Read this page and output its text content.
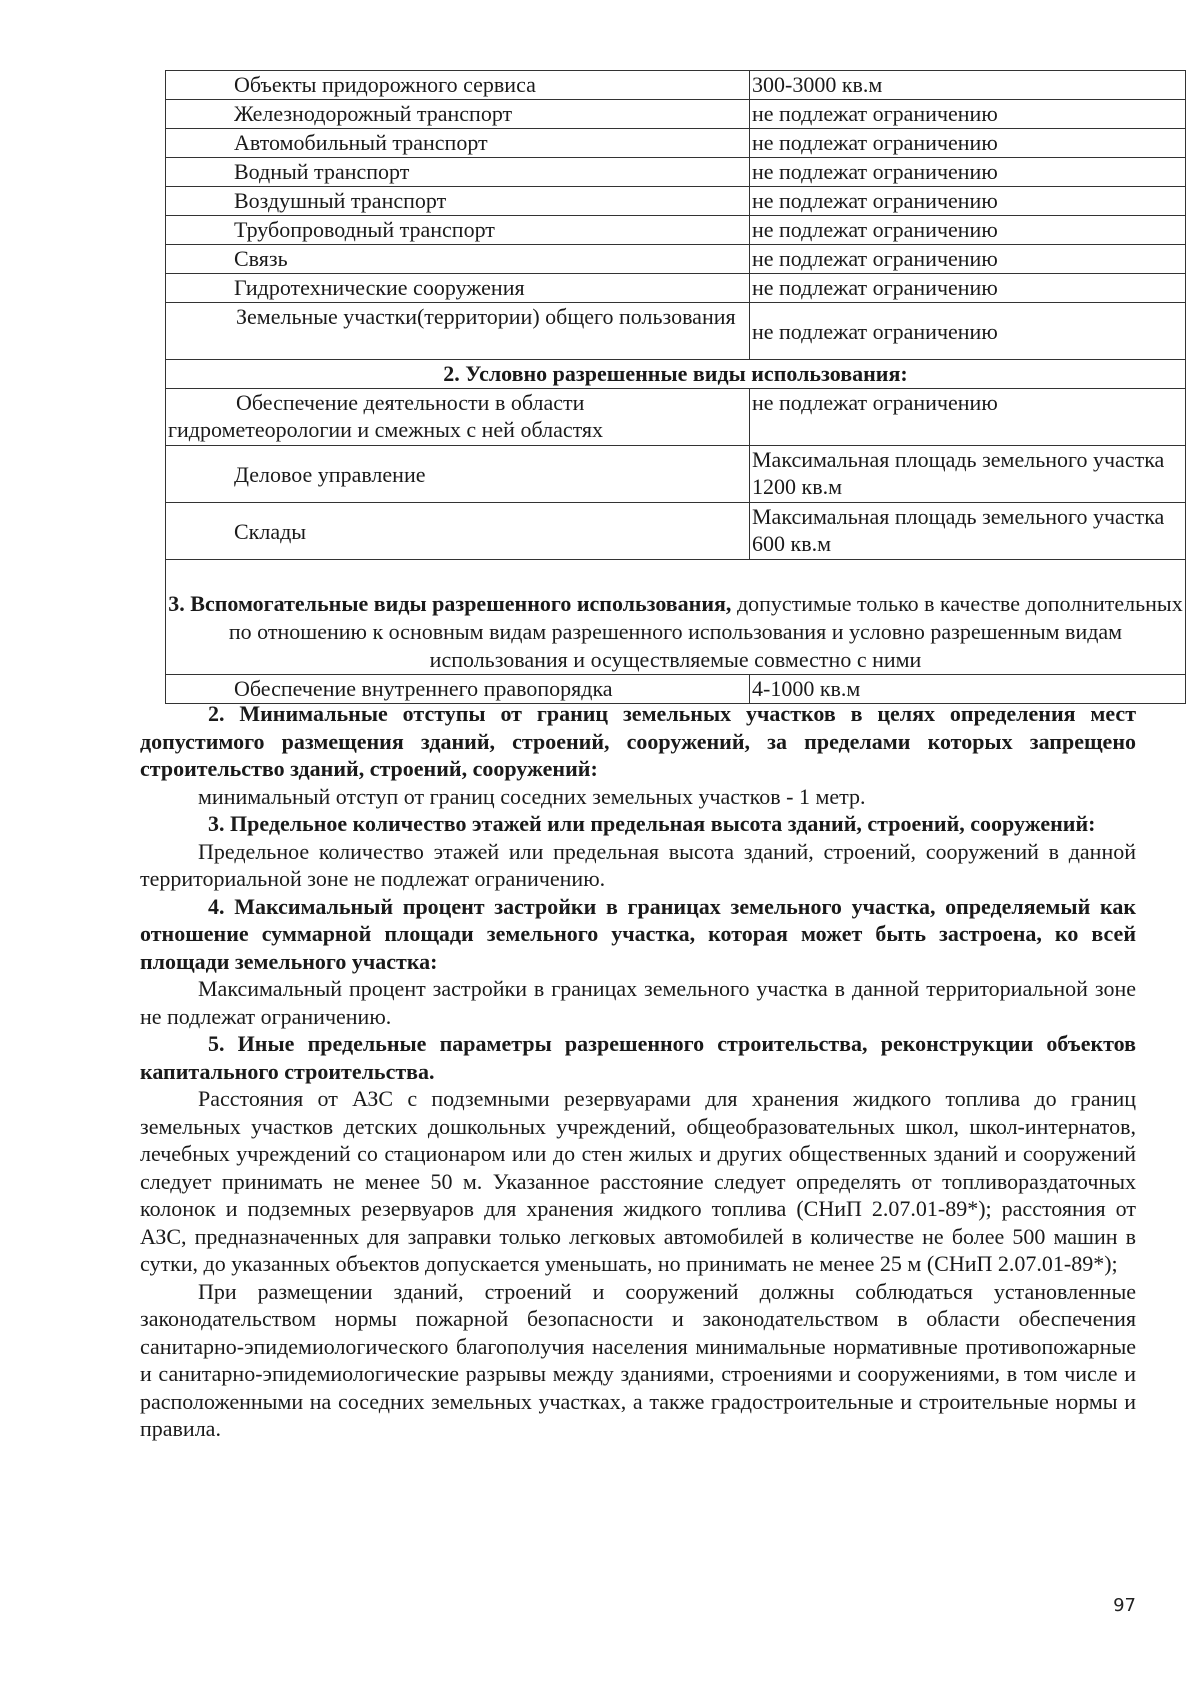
Объекты придорожного сервиса	300-3000 кв.м
Железнодорожный транспорт	не подлежат ограничению
Автомобильный транспорт	не подлежат ограничению
Водный транспорт	не подлежат ограничению
Воздушный транспорт	не подлежат ограничению
Трубопроводный транспорт	не подлежат ограничению
Связь	не подлежат ограничению
Гидротехнические сооружения	не подлежат ограничению
Земельные участки(территории) общего пользования	не подлежат ограничению
2. Условно разрешенные виды использования:	
Обеспечение деятельности в области гидрометеорологии и смежных с ней областях	не подлежат ограничению
Деловое управление	Максимальная площадь земельного участка 1200 кв.м
Склады	Максимальная площадь земельного участка 600 кв.м
3. Вспомогательные виды разрешенного использования, допустимые только в качестве дополнительных по отношению к основным видам разрешенного использования и условно разрешенным видам использования и осуществляемые совместно с ними	
Обеспечение внутреннего правопорядка	4-1000 кв.м

2. Минимальные отступы от границ земельных участков в целях определения мест допустимого размещения зданий, строений, сооружений, за пределами которых запрещено строительство зданий, строений, сооружений:

минимальный отступ от границ соседних земельных участков - 1 метр.

3. Предельное количество этажей или предельная высота зданий, строений, сооружений:

Предельное количество этажей или предельная высота зданий, строений, сооружений в данной территориальной зоне не подлежат ограничению.

4. Максимальный процент застройки в границах земельного участка, определяемый как отношение суммарной площади земельного участка, которая может быть застроена, ко всей площади земельного участка:

Максимальный процент застройки в границах земельного участка в данной территориальной зоне не подлежат ограничению.

5. Иные предельные параметры разрешенного строительства, реконструкции объектов капитального строительства.

Расстояния от АЗС с подземными резервуарами для хранения жидкого топлива до границ земельных участков детских дошкольных учреждений, общеобразовательных школ, школ-интернатов, лечебных учреждений со стационаром или до стен жилых и других общественных зданий и сооружений следует принимать не менее 50 м. Указанное расстояние следует определять от топливораздаточных колонок и подземных резервуаров для хранения жидкого топлива (СНиП 2.07.01-89*); расстояния от АЗС, предназначенных для заправки только легковых автомобилей в количестве не более 500 машин в сутки, до указанных объектов допускается уменьшать, но принимать не менее 25 м (СНиП 2.07.01-89*);

При размещении зданий, строений и сооружений должны соблюдаться установленные законодательством нормы пожарной безопасности и законодательством в области обеспечения санитарно-эпидемиологического благополучия населения минимальные нормативные противопожарные и санитарно-эпидемиологические разрывы между зданиями, строениями и сооружениями, в том числе и расположенными на соседних земельных участках, а также градостроительные и строительные нормы и правила.

97
